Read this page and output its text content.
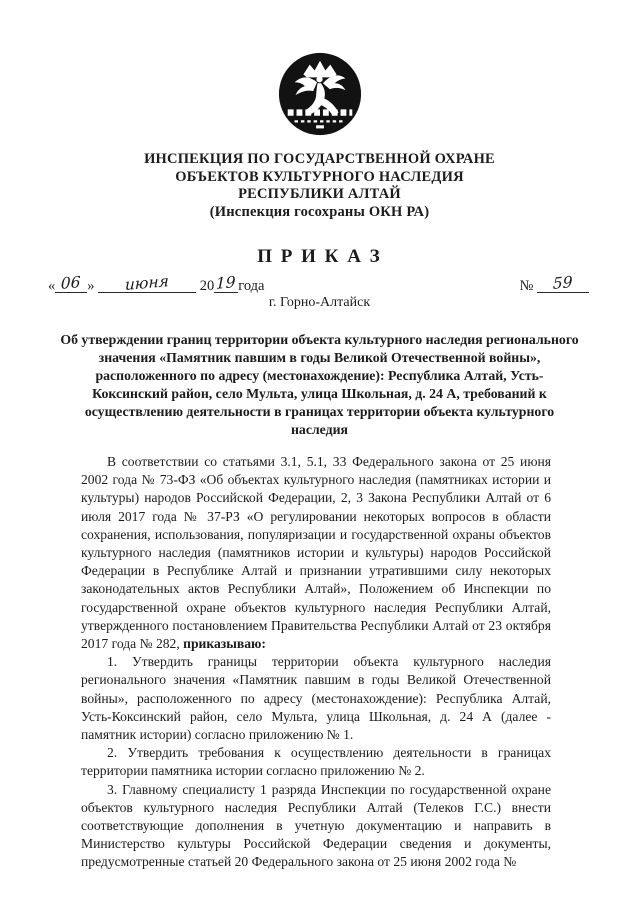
ИНСПЕКЦИЯ ПО ГОСУДАРСТВЕННОЙ ОХРАНЕ
ОБЪЕКТОВ КУЛЬТУРНОГО НАСЛЕДИЯ
РЕСПУБЛИКИ АЛТАЙ
(Инспекция госохраны ОКН РА)
П Р И К А З
« 06 » июня 20 19 года	№ 59
г. Горно-Алтайск
Об утверждении границ территории объекта культурного наследия регионального значения «Памятник павшим в годы Великой Отечественной войны», расположенного по адресу (местонахождение): Республика Алтай, Усть-Коксинский район, село Мульта, улица Школьная, д. 24 А, требований к осуществлению деятельности в границах территории объекта культурного наследия

В соответствии со статьями 3.1, 5.1, 33 Федерального закона от 25 июня 2002 года № 73-ФЗ «Об объектах культурного наследия (памятниках истории и культуры) народов Российской Федерации, 2, 3 Закона Республики Алтай от 6 июля 2017 года № 37-РЗ «О регулировании некоторых вопросов в области сохранения, использования, популяризации и государственной охраны объектов культурного наследия (памятников истории и культуры) народов Российской Федерации в Республике Алтай и признании утратившими силу некоторых законодательных актов Республики Алтай», Положением об Инспекции по государственной охране объектов культурного наследия Республики Алтай, утвержденного постановлением Правительства Республики Алтай от 23 октября 2017 года № 282, приказываю:

1. Утвердить границы территории объекта культурного наследия регионального значения «Памятник павшим в годы Великой Отечественной войны», расположенного по адресу (местонахождение): Республика Алтай, Усть-Коксинский район, село Мульта, улица Школьная, д. 24 А (далее - памятник истории) согласно приложению № 1.

2. Утвердить требования к осуществлению деятельности в границах территории памятника истории согласно приложению № 2.

3. Главному специалисту 1 разряда Инспекции по государственной охране объектов культурного наследия Республики Алтай (Телеков Г.С.) внести соответствующие дополнения в учетную документацию и направить в Министерство культуры Российской Федерации сведения и документы, предусмотренные статьей 20 Федерального закона от 25 июня 2002 года №
